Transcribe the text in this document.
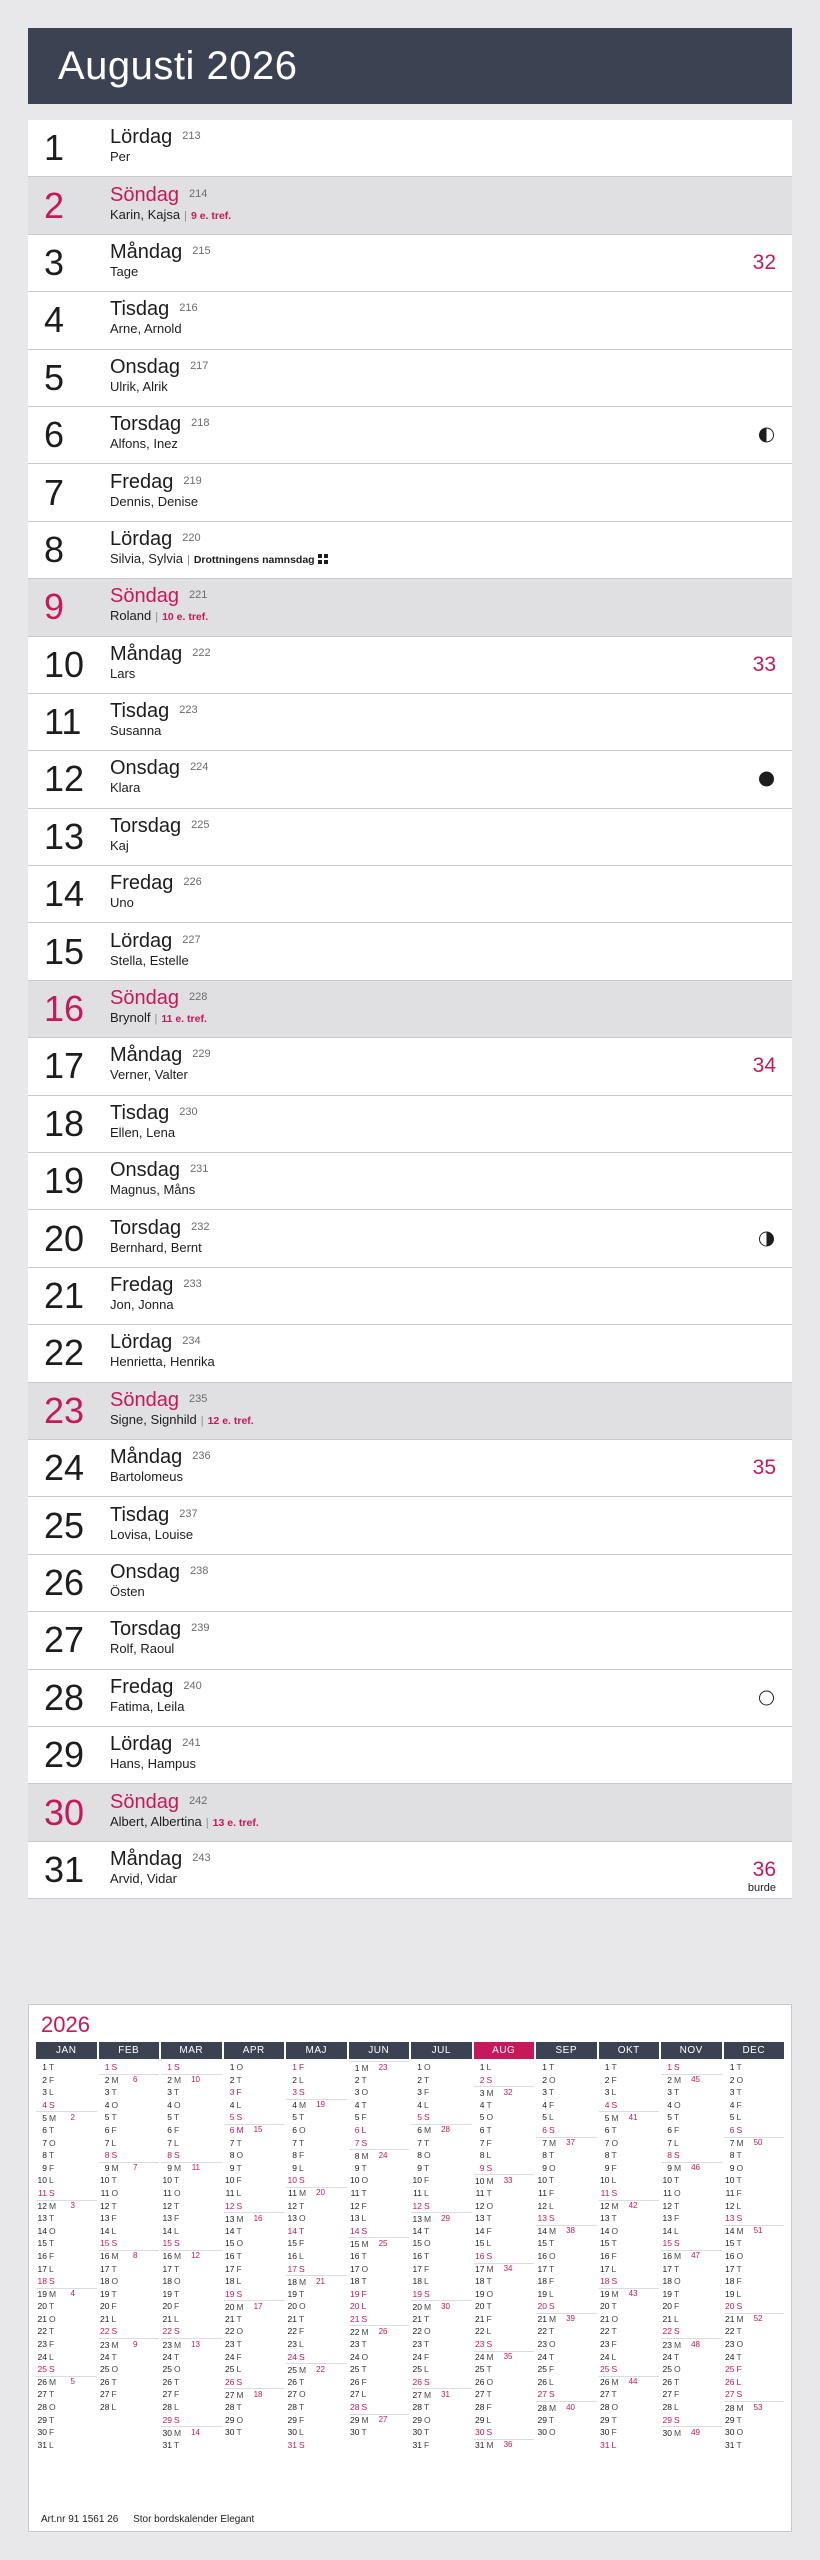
Augusti 2026
1	Lördag 213
Per
2	Söndag 214
Karin, Kajsa | 9 e. tref.
3	Måndag 215
Tage	32
4	Tisdag 216
Arne, Arnold
5	Onsdag 217
Ulrik, Alrik
6	Torsdag 218
Alfons, Inez
7	Fredag 219
Dennis, Denise
8	Lördag 220
Silvia, Sylvia | Drottningens namnsdag
9	Söndag 221
Roland | 10 e. tref.
10	Måndag 222
Lars	33
11	Tisdag 223
Susanna
12	Onsdag 224
Klara
13	Torsdag 225
Kaj
14	Fredag 226
Uno
15	Lördag 227
Stella, Estelle
16	Söndag 228
Brynolf | 11 e. tref.
17	Måndag 229
Verner, Valter	34
18	Tisdag 230
Ellen, Lena
19	Onsdag 231
Magnus, Måns
20	Torsdag 232
Bernhard, Bernt
21	Fredag 233
Jon, Jonna
22	Lördag 234
Henrietta, Henrika
23	Söndag 235
Signe, Signhild | 12 e. tref.
24	Måndag 236
Bartolomeus	35
25	Tisdag 237
Lovisa, Louise
26	Onsdag 238
Östen
27	Torsdag 239
Rolf, Raoul
28	Fredag 240
Fatima, Leila
29	Lördag 241
Hans, Hampus
30	Söndag 242
Albert, Albertina | 13 e. tref.
31	Måndag 243
Arvid, Vidar	36
burde
2026
JAN
1 T
2 F
3 L
4 S
5 M	2
6 T
7 O
8 T
9 F
10 L
11 S
12 M	3
13 T
14 O
15 T
16 F
17 L
18 S
19 M	4
20 T
21 O
22 T
23 F
24 L
25 S
26 M	5
27 T
28 O
29 T
30 F
31 L
FEB
1 S
2 M	6
3 T
4 O
5 T
6 F
7 L
8 S
9 M	7
10 T
11 O
12 T
13 F
14 L
15 S
16 M	8
17 T
18 O
19 T
20 F
21 L
22 S
23 M	9
24 T
25 O
26 T
27 F
28 L
MAR
1 S
2 M	10
3 T
4 O
5 T
6 F
7 L
8 S
9 M	11
10 T
11 O
12 T
13 F
14 L
15 S
16 M	12
17 T
18 O
19 T
20 F
21 L
22 S
23 M	13
24 T
25 O
26 T
27 F
28 L
29 S
30 M	14
31 T
APR
1 O
2 T
3 F
4 L
5 S
6 M	15
7 T
8 O
9 T
10 F
11 L
12 S
13 M	16
14 T
15 O
16 T
17 F
18 L
19 S
20 M	17
21 T
22 O
23 T
24 F
25 L
26 S
27 M	18
28 T
29 O
30 T
MAJ
1 F
2 L
3 S
4 M	19
5 T
6 O
7 T
8 F
9 L
10 S
11 M	20
12 T
13 O
14 T
15 F
16 L
17 S
18 M	21
19 T
20 O
21 T
22 F
23 L
24 S
25 M	22
26 T
27 O
28 T
29 F
30 L
31 S
JUN
1 M	23
2 T
3 O
4 T
5 F
6 L
7 S
8 M	24
9 T
10 O
11 T
12 F
13 L
14 S
15 M	25
16 T
17 O
18 T
19 F
20 L
21 S
22 M	26
23 T
24 O
25 T
26 F
27 L
28 S
29 M	27
30 T
JUL
1 O
2 T
3 F
4 L
5 S
6 M	28
7 T
8 O
9 T
10 F
11 L
12 S
13 M	29
14 T
15 O
16 T
17 F
18 L
19 S
20 M	30
21 T
22 O
23 T
24 F
25 L
26 S
27 M	31
28 T
29 O
30 T
31 F
AUG
1 L
2 S
3 M	32
4 T
5 O
6 T
7 F
8 L
9 S
10 M	33
11 T
12 O
13 T
14 F
15 L
16 S
17 M	34
18 T
19 O
20 T
21 F
22 L
23 S
24 M	35
25 T
26 O
27 T
28 F
29 L
30 S
31 M	36
SEP
1 T
2 O
3 T
4 F
5 L
6 S
7 M	37
8 T
9 O
10 T
11 F
12 L
13 S
14 M	38
15 T
16 O
17 T
18 F
19 L
20 S
21 M	39
22 T
23 O
24 T
25 F
26 L
27 S
28 M	40
29 T
30 O
OKT
1 T
2 F
3 L
4 S
5 M	41
6 T
7 O
8 T
9 F
10 L
11 S
12 M	42
13 T
14 O
15 T
16 F
17 L
18 S
19 M	43
20 T
21 O
22 T
23 F
24 L
25 S
26 M	44
27 T
28 O
29 T
30 F
31 L
NOV
1 S
2 M	45
3 T
4 O
5 T
6 F
7 L
8 S
9 M	46
10 T
11 O
12 T
13 F
14 L
15 S
16 M	47
17 T
18 O
19 T
20 F
21 L
22 S
23 M	48
24 T
25 O
26 T
27 F
28 L
29 S
30 M	49
DEC
1 T
2 O
3 T
4 F
5 L
6 S
7 M	50
8 T
9 O
10 T
11 F
12 L
13 S
14 M	51
15 T
16 O
17 T
18 F
19 L
20 S
21 M	52
22 T
23 O
24 T
25 F
26 L
27 S
28 M	53
29 T
30 O
31 T
Art.nr 91 1561 26 Stor bordskalender Elegant
